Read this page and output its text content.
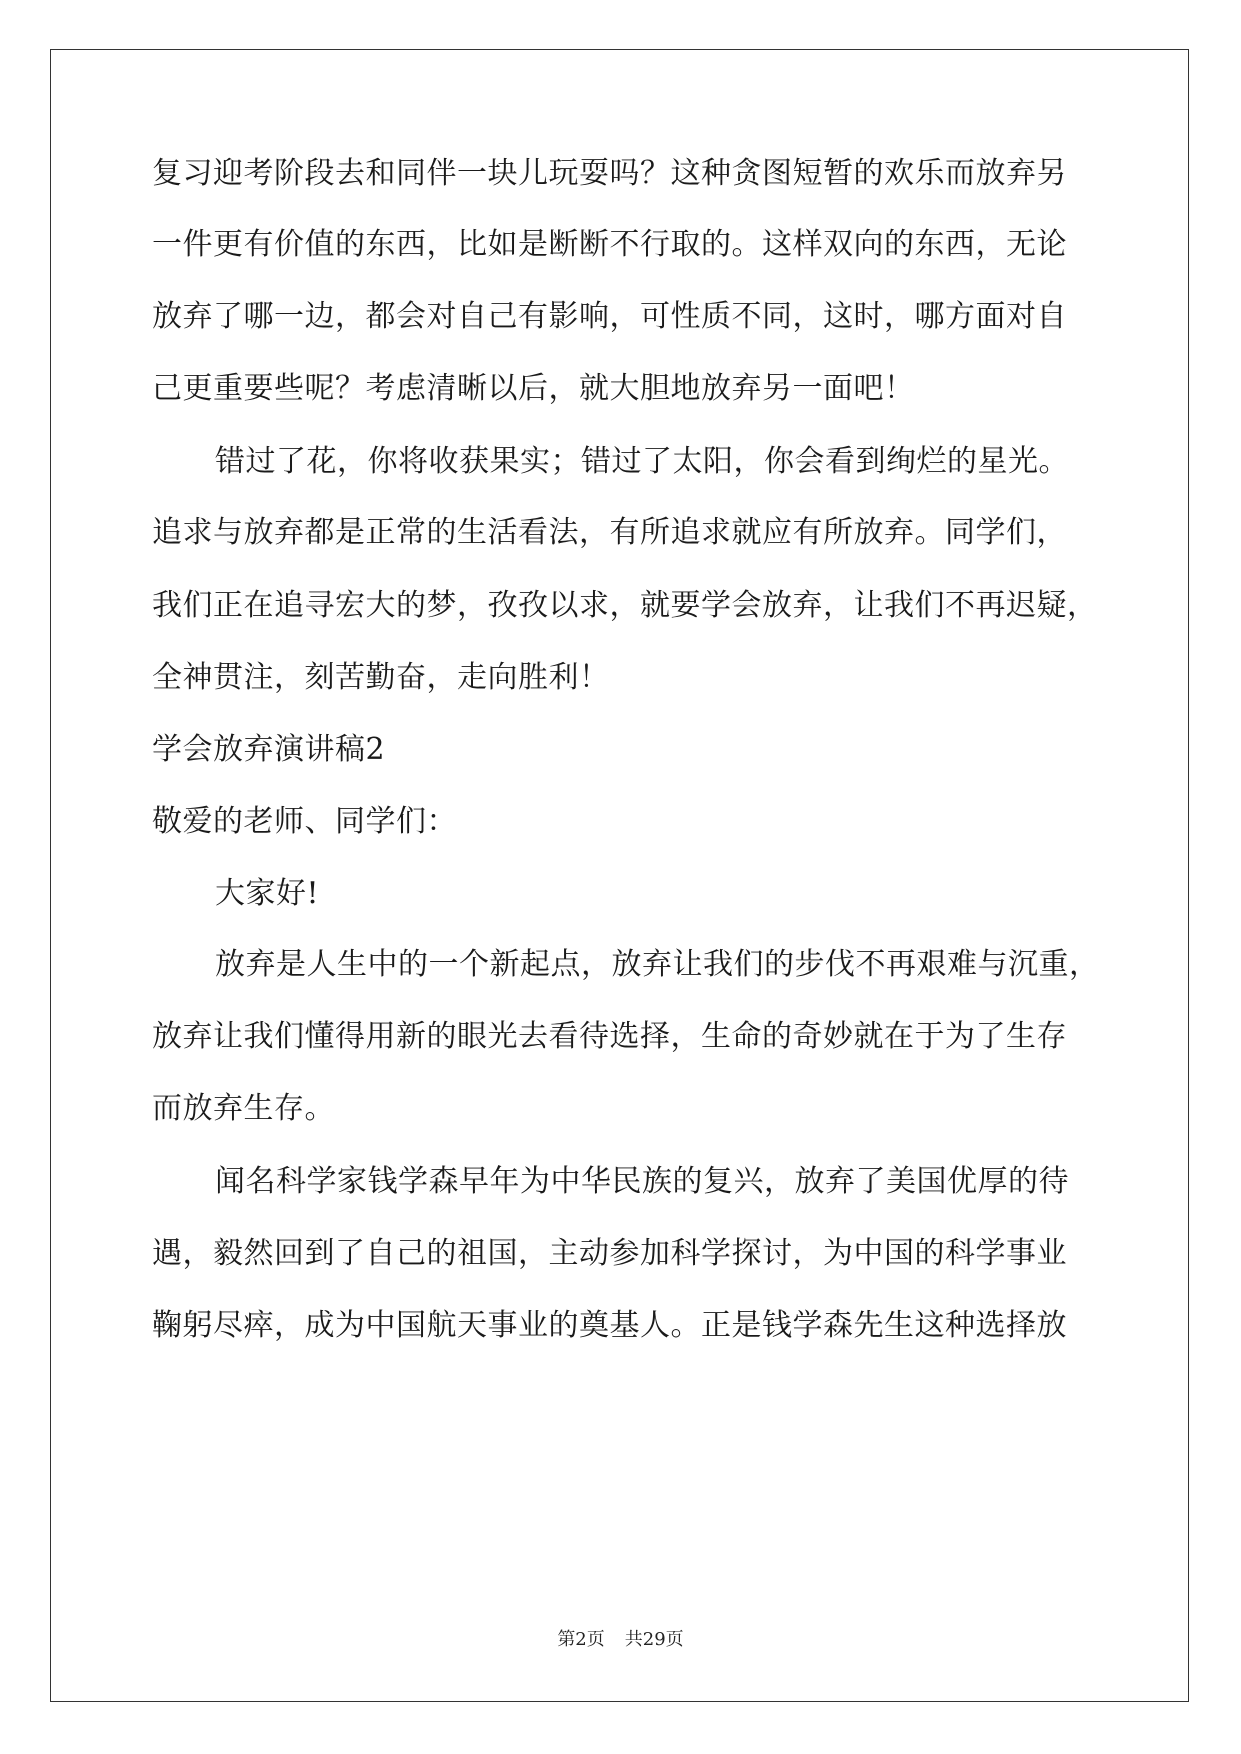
复习迎考阶段去和同伴一块儿玩耍吗？这种贪图短暂的欢乐而放弃另
一件更有价值的东西，比如是断断不行取的。这样双向的东西，无论
放弃了哪一边，都会对自己有影响，可性质不同，这时，哪方面对自
己更重要些呢？考虑清晰以后，就大胆地放弃另一面吧！
错过了花，你将收获果实；错过了太阳，你会看到绚烂的星光。
追求与放弃都是正常的生活看法，有所追求就应有所放弃。同学们，
我们正在追寻宏大的梦，孜孜以求，就要学会放弃，让我们不再迟疑，
全神贯注，刻苦勤奋，走向胜利！
学会放弃演讲稿2
敬爱的老师、同学们：
大家好!
放弃是人生中的一个新起点，放弃让我们的步伐不再艰难与沉重，
放弃让我们懂得用新的眼光去看待选择，生命的奇妙就在于为了生存
而放弃生存。
闻名科学家钱学森早年为中华民族的复兴，放弃了美国优厚的待
遇，毅然回到了自己的祖国，主动参加科学探讨，为中国的科学事业
鞠躬尽瘁，成为中国航天事业的奠基人。正是钱学森先生这种选择放
第2页 共29页
